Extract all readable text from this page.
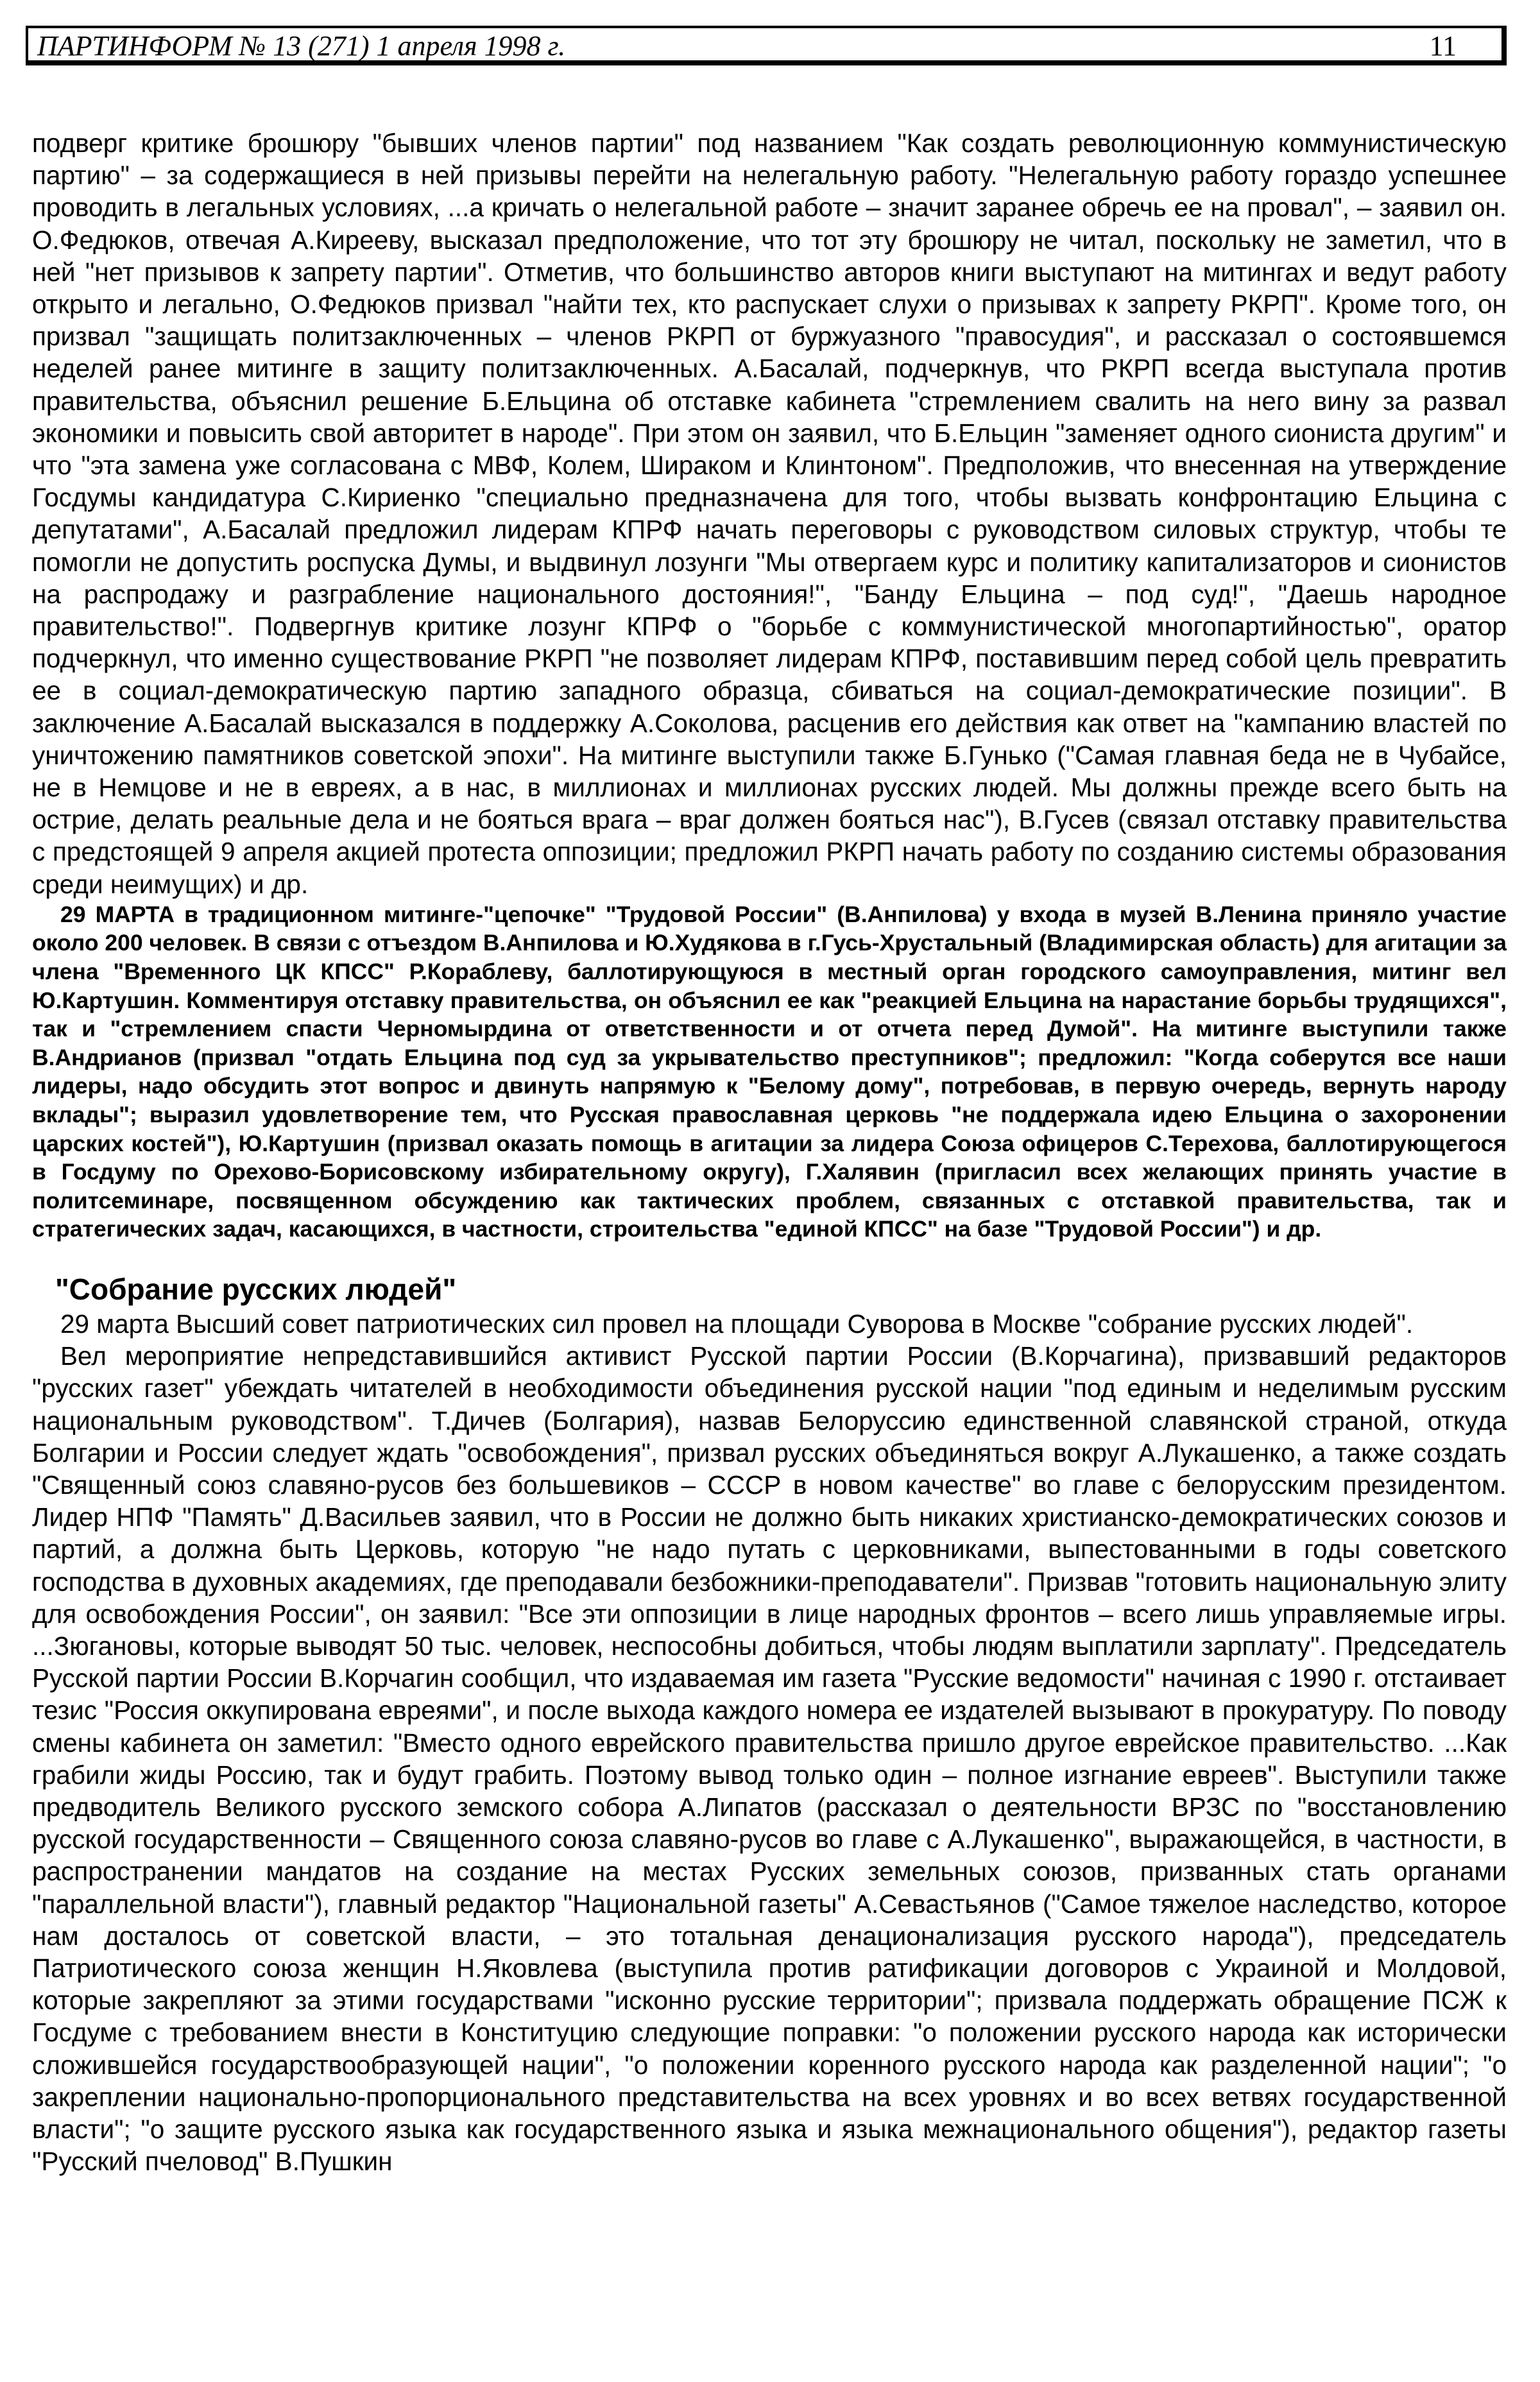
ПАРТИНФОРМ № 13 (271) 1 апреля 1998 г.	11

подверг критике брошюру "бывших членов партии" под названием "Как создать революционную коммунистическую партию" – за содержащиеся в ней призывы перейти на нелегальную работу. "Нелегальную работу гораздо успешнее проводить в легальных условиях, ...а кричать о нелегальной работе – значит заранее обречь ее на провал", – заявил он. О.Федюков, отвечая А.Кирееву, высказал предположение, что тот эту брошюру не читал, поскольку не заметил, что в ней "нет призывов к запрету партии". Отметив, что большинство авторов книги выступают на митингах и ведут работу открыто и легально, О.Федюков призвал "найти тех, кто распускает слухи о призывах к запрету РКРП". Кроме того, он призвал "защищать политзаключенных – членов РКРП от буржуазного "правосудия", и рассказал о состоявшемся неделей ранее митинге в защиту политзаключенных. А.Басалай, подчеркнув, что РКРП всегда выступала против правительства, объяснил решение Б.Ельцина об отставке кабинета "стремлением свалить на него вину за развал экономики и повысить свой авторитет в народе". При этом он заявил, что Б.Ельцин "заменяет одного сиониста другим" и что "эта замена уже согласована с МВФ, Колем, Шираком и Клинтоном". Предположив, что внесенная на утверждение Госдумы кандидатура С.Кириенко "специально предназначена для того, чтобы вызвать конфронтацию Ельцина с депутатами", А.Басалай предложил лидерам КПРФ начать переговоры с руководством силовых структур, чтобы те помогли не допустить роспуска Думы, и выдвинул лозунги "Мы отвергаем курс и политику капитализаторов и сионистов на распродажу и разграбление национального достояния!", "Банду Ельцина – под суд!", "Даешь народное правительство!". Подвергнув критике лозунг КПРФ о "борьбе с коммунистической многопартийностью", оратор подчеркнул, что именно существование РКРП "не позволяет лидерам КПРФ, поставившим перед собой цель превратить ее в социал-демократическую партию западного образца, сбиваться на социал-демократические позиции". В заключение А.Басалай высказался в поддержку А.Соколова, расценив его действия как ответ на "кампанию властей по уничтожению памятников советской эпохи". На митинге выступили также Б.Гунько ("Самая главная беда не в Чубайсе, не в Немцове и не в евреях, а в нас, в миллионах и миллионах русских людей. Мы должны прежде всего быть на острие, делать реальные дела и не бояться врага – враг должен бояться нас"), В.Гусев (связал отставку правительства с предстоящей 9 апреля акцией протеста оппозиции; предложил РКРП начать работу по созданию системы образования среди неимущих) и др.

29 МАРТА в традиционном митинге-"цепочке" "Трудовой России" (В.Анпилова) у входа в музей В.Ленина приняло участие около 200 человек. В связи с отъездом В.Анпилова и Ю.Худякова в г.Гусь-Хрустальный (Владимирская область) для агитации за члена "Временного ЦК КПСС" Р.Кораблеву, баллотирующуюся в местный орган городского самоуправления, митинг вел Ю.Картушин. Комментируя отставку правительства, он объяснил ее как "реакцией Ельцина на нарастание борьбы трудящихся", так и "стремлением спасти Черномырдина от ответственности и от отчета перед Думой". На митинге выступили также В.Андрианов (призвал "отдать Ельцина под суд за укрывательство преступников"; предложил: "Когда соберутся все наши лидеры, надо обсудить этот вопрос и двинуть напрямую к "Белому дому", потребовав, в первую очередь, вернуть народу вклады"; выразил удовлетворение тем, что Русская православная церковь "не поддержала идею Ельцина о захоронении царских костей"), Ю.Картушин (призвал оказать помощь в агитации за лидера Союза офицеров С.Терехова, баллотирующегося в Госдуму по Орехово-Борисовскому избирательному округу), Г.Халявин (пригласил всех желающих принять участие в политсеминаре, посвященном обсуждению как тактических проблем, связанных с отставкой правительства, так и стратегических задач, касающихся, в частности, строительства "единой КПСС" на базе "Трудовой России") и др.

"Собрание русских людей"

29 марта Высший совет патриотических сил провел на площади Суворова в Москве "собрание русских людей".

Вел мероприятие непредставившийся активист Русской партии России (В.Корчагина), призвавший редакторов "русских газет" убеждать читателей в необходимости объединения русской нации "под единым и неделимым русским национальным руководством". Т.Дичев (Болгария), назвав Белоруссию единственной славянской страной, откуда Болгарии и России следует ждать "освобождения", призвал русских объединяться вокруг А.Лукашенко, а также создать "Священный союз славяно-русов без большевиков – СССР в новом качестве" во главе с белорусским президентом. Лидер НПФ "Память" Д.Васильев заявил, что в России не должно быть никаких христианско-демократических союзов и партий, а должна быть Церковь, которую "не надо путать с церковниками, выпестованными в годы советского господства в духовных академиях, где преподавали безбожники-преподаватели". Призвав "готовить национальную элиту для освобождения России", он заявил: "Все эти оппозиции в лице народных фронтов – всего лишь управляемые игры. ...Зюгановы, которые выводят 50 тыс. человек, неспособны добиться, чтобы людям выплатили зарплату". Председатель Русской партии России В.Корчагин сообщил, что издаваемая им газета "Русские ведомости" начиная с 1990 г. отстаивает тезис "Россия оккупирована евреями", и после выхода каждого номера ее издателей вызывают в прокуратуру. По поводу смены кабинета он заметил: "Вместо одного еврейского правительства пришло другое еврейское правительство. ...Как грабили жиды Россию, так и будут грабить. Поэтому вывод только один – полное изгнание евреев". Выступили также предводитель Великого русского земского собора А.Липатов (рассказал о деятельности ВРЗС по "восстановлению русской государственности – Священного союза славяно-русов во главе с А.Лукашенко", выражающейся, в частности, в распространении мандатов на создание на местах Русских земельных союзов, призванных стать органами "параллельной власти"), главный редактор "Национальной газеты" А.Севастьянов ("Самое тяжелое наследство, которое нам досталось от советской власти, – это тотальная денационализация русского народа"), председатель Патриотического союза женщин Н.Яковлева (выступила против ратификации договоров с Украиной и Молдовой, которые закрепляют за этими государствами "исконно русские территории"; призвала поддержать обращение ПСЖ к Госдуме с требованием внести в Конституцию следующие поправки: "о положении русского народа как исторически сложившейся государствообразующей нации", "о положении коренного русского народа как разделенной нации"; "о закреплении национально-пропорционального представительства на всех уровнях и во всех ветвях государственной власти"; "о защите русского языка как государственного языка и языка межнационального общения"), редактор газеты "Русский пчеловод" В.Пушкин
